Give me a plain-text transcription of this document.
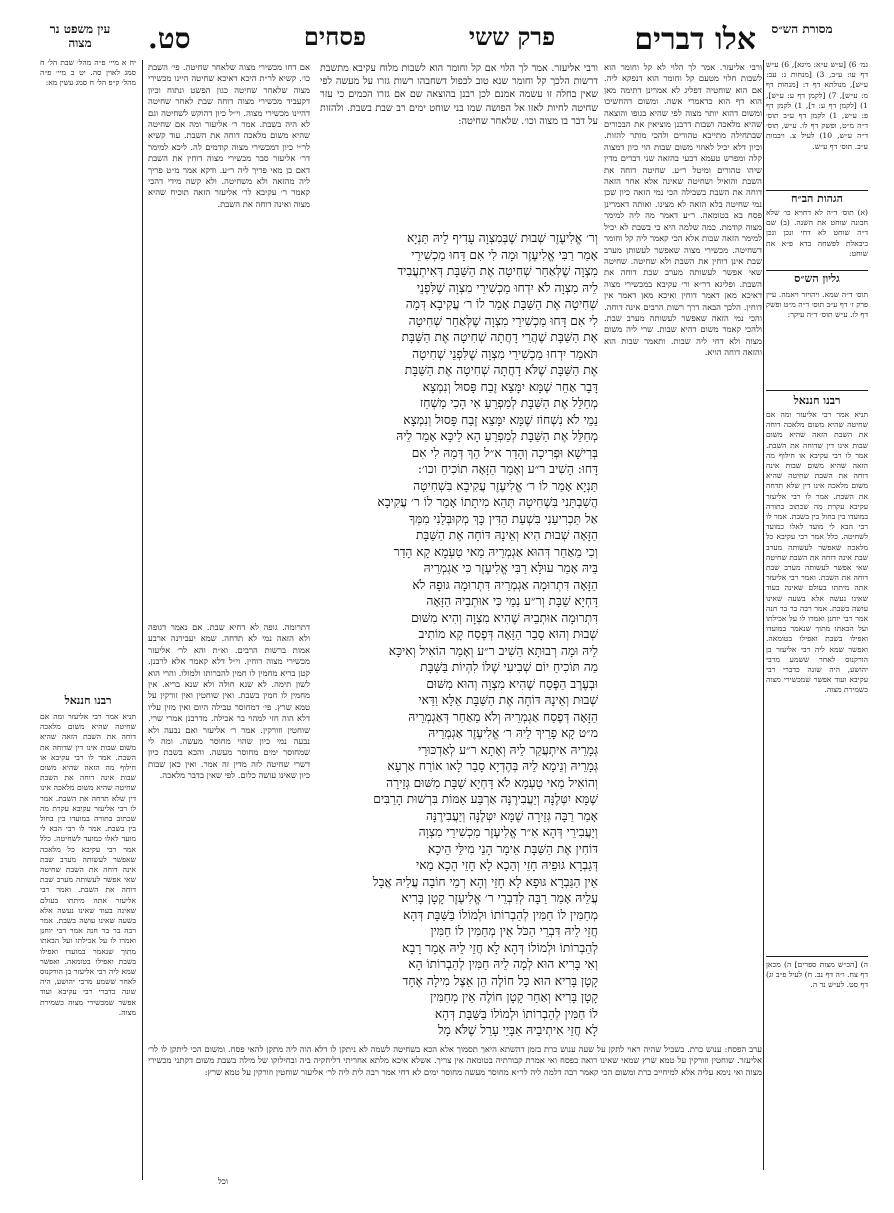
מסורת הש״ס
אלו דברים
פרק ששי
פסחים
סט.
עין משפט נר מצוה
גמ׳ 6) [ע״ש ע״א: מיגא], 6) ע״ש דף עו: ע״ב, 3) [מנחות נ: עב: ע״ש], מנולתא דף ד: [מנחות דף מ: ע״ש], 7) [לקמן דף ע: ע״ש], 1) [לקמן דף ע: ד], 1) לקמן דף פ: ע״ש, 1) לקמן דף ע״ב תוס׳ ד״ה מ״ט, ופשק דף לו. ע״ש, תוס׳ ד״ה ע״ש, 10) לעיל צ. ויבמות ע״ב. תוס׳ דף ע״ש.
הגהות הב״ח
(א) תוס׳ ד״ה לא דחויא כו׳ שלא חבונה שוחט את השנה. (ב) שם ד״ה שוחט לא דחי ונכן ונכן ביבאלת לפשחה בדא פ״א את שוחט:
גליון הש״ס
תוס׳ ד״ה שמא. ויהויזר ויאמה. עיין פרק ז׳ דף ע״ב תוס׳ ד״ה מ״ט ופשק דף לו. ע״ש תוס׳ ד״ה עיקר:
רבנו חננאל
תניא אמר רבי אליעזר ומה אם שחיטה שהיא משום מלאכה דוחה את השבת הזאה שהיא משום שבות אינו דין שדוחה את השבת. אמר לו רבי עקיבא או חילוף מה הזאה שהיא משום שבות אינה דוחה את השבת שחיטה שהיא משום מלאכה אינו דין שלא תדחה את השבת. אמר לו רבי אליעזר עקיבא עקרת מה שכתוב בתורה במועדו בין בחול בין בשבת. אמר לו רבי הבא לי מועד לאלו כמועד לשחיטה. כלל אמר רבי עקיבא כל מלאכה שאפשר לעשותה מערב שבת אינה דוחה את השבת שחיטה שאי אפשר לעשותה מערב שבת דוחה את השבת. ואמר רבי אליעזר אתה מיתתו בעולם שאינה בעוד שאינו נעשה אלא בשעה שאינו עושה בשבת. אמר רבה בר בר חנה אמר רבי יוחנן ואמרו לו על אכילתו ועל הבאתו מתוך שנאמר במועדו ואפילו בשבת ואפילו בטומאה. ואפשר שמא ליה רבי אליעזר בן הורקנוס לאחר ששמע מרבי יהושע, היה שונה כדברי רבי עקיבא ועוד אפשר שמכשירי מצוה כשמירת מצוה.
ה) [הכ״ש מצות ספרים] ה) מכאן דף צח. ו״ה דף נב. ח) לעיל פ״ב וג) דף סט. לע״ש נד ה.
יח א מיי׳ פ״ה מהל׳ שבת הל׳ ח סמג לאוין סה. יט ב מיי׳ פ״ה מהל׳ ק״פ הל׳ ח סמג עשין מא:
רבנו חננאל
תניא אמר רבי אליעזר ומה אם שחיטה שהיא משום מלאכה דוחה את השבת הזאה שהיא משום שבות אינו דין שדוחה את השבת. אמר לו רבי עקיבא או חילוף מה הזאה שהיא משום שבות אינה דוחה את השבת שחיטה שהיא משום מלאכה אינו דין שלא תדחה את השבת. אמר לו רבי אליעזר עקיבא עקרת מה שכתוב בתורה במועדו בין בחול בין בשבת. אמר לו רבי הבא לי מועד לאלו כמועד לשחיטה. כלל אמר רבי עקיבא כל מלאכה שאפשר לעשותה מערב שבת אינה דוחה את השבת שחיטה שאי אפשר לעשותה מערב שבת דוחה את השבת. ואמר רבי אליעזר אתה מיתתו בעולם שאינה בעוד שאינו נעשה אלא בשעה שאינו עושה בשבת. אמר רבה בר בר חנה אמר רבי יוחנן ואמרו לו על אכילתו ועל הבאתו מתוך שנאמר במועדו ואפילו בשבת ואפילו בטומאה. ואפשר שמא ליה רבי אליעזר בן הורקנוס לאחר ששמע מרבי יהושע, היה שונה כדברי רבי עקיבא ועוד אפשר שמכשירי מצוה כשמירת מצוה.
ורבי אליעזר. אמר לך הלוי לא קל וחומר הוא לשבות חלוי מטעם קל וחומר הוא דנפקא ליה. אם הוא שוחטיה דפליג לא אמרינן דתימה מאן הוא דף הוא כדאמרי אשה. ומשום דהחשיכו ומשום דהוא יותר מצוה לפי שהיא בגופו והוצאה שהיא מלאכה ושבות דרבנן מוציאין את הבכורים שבתחילה מתייבא טהורים ולהכי מותר להזות. וכיון דלא יכיל לאוזוי משום שבות הוי כיון דמצוה קלה ומפרש טעמא דבעי בהזאה שני דברים מדין שיהו טהורים ומיטל ר״ע. שחיטה דוחה את השבת והואיל ושחיטה שאינה אלא אחר הזאה דוחה את השבת בשבילה הכי נמי הזאה כיון שכן נמי שחיטה בלא הזאה לא מצינו. ואותה דאמרינן פסח בא בטומאה. ר״ע דאמר מה ליה למימר מצוה קודמת. כמה שלמה היא כי בשבת לא יכיל למימר הזאה שבות אלא הכי קאמר ליה קל וחומר דשחיטה. מכשירי מצוה שאפשר לעשותן מערב שבת אינן דוחין את השבת ולא שחיטה. שחיטה שאי אפשר לעשותה מערב שבת דוחה את השבת. ופליגא דר״א ור׳ עקיבא במכשירי מצוה דאיכא מאן דאמר דוחין ואיכא מאן דאמר אין דוחין. הלכך הבאה דרך רשות הרבים אינה דוחה. והכי נמי הזאה שאפשר לעשותה מערב שבת. ולהכי קאמר משום דהיא שבות. שרי ליה משום מצוה ולא דחי ליה שבות. ותאמר שבות הוא והזאה דוחה הויא.
אם דחו מכשירי מצוה שלאחר שחיטה. פי׳ השבת כו׳. קשיא לר״ת היכא דאיכא שחיטה היינו מכשירי מצוה שלאחר שחיטה כגון הפשט ונתוח וכיון דקעביד מכשירי מצוה דוחה שבת לאחר שחיטה דהיינו מכשירי מצוה. וי״ל כיון דהוקש לשחיטה וגם לא היה בשבת. אמר ר׳ אליעזר ומה אם שחיטה שהיא משום מלאכה דוחה את השבת. עוד קשיא לר״י כיון דמכשירי מצוה קודמים לה. ליכא למימר דר׳ אליעזר סבר מכשירי מצוה דוחין את השבת דאם כן מאי פריך ליה ר״ע. ודקא אמר מ״ט פריך ליה מהזאה ולא משחיטה. ולא קשה מידי דהכי קאמר ר׳ עקיבא לר׳ אליעזר הזאה תוכיח שהיא מצוה ואינה דוחה את השבת.
דתרומה. גופה לא דחיא שבת. אם נאמר דגופה ולא הזאה נמי לא תדחה. שמא יעבירנה ארבע אמות ברשות הרבים. וא״ת והא לר׳ אליעזר מכשירי מצוה דוחין. וי״ל דלא קאמר אלא לרבנן. קטן בריא מחמין לו חמין להברותו ולמולו. והרי הוא לשון תימה. לא שנא חולה ולא שנא בריא. אין מחמין לו חמין בשבת. ואין שוחטין ואין זורקין על טמא שרץ. פי׳ דמחוסר טבילה היום ואין מזין עליו דלא הוה חזי למהוי בר אכילה. מדרבנן אמרי שרי. שוחטין וזורקין. אמר ר׳ אליעזר ואם נבעה ולא נבעה נמי כיון שהוי מחוסר מעשה. ומה לי שמחוסר ימים מחוסר מעשה. והכא בשבת כיון דשרי שחיטה לזה מדין זה אמר. ואין כאן שבות כיון שאינו עושה כלום. לפי שאין בדבר מלאכה.
ורבי אליעזר. אמר לך הלוי אם קל וחומר הוא לשבות מלוח עקיבא מתשבת דרשות הלכך קל וחומר שנא טוב לכפול דשחבהו רשות גזרו על מעשה לפי שאין בחלה זו עשמה אמנם לכן רבנן בהוצאה שם אם גזרו הכמים כי עזר שחיטה לחיות לאזו אל הפושה שמו בני שוחט ימים רב שבת בשבת. ולהזות על דבר בו מצוה וכו׳. שלאחר שחיטה:
וְר׳ אֱלִיעֶזֶר שְׁבוּת שֶׁבְּמִצְוָה עָדִיף לֵיהּ תַּנְיָא
אָמַר רַבִּי אֱלִיעֶזֶר וּמָה לִי אִם דָּחוּ מַכְשִׁירֵי
מִצְוָה שֶׁלְּאַחַר שְׁחִיטָה אֶת הַשַּׁבָּת דְּאִיתְעֲבִיד
לֵיהּ מִצְוָה לֹא יִדְחוּ מַכְשִׁירֵי מִצְוָה שֶׁלִּפְנֵי
שְׁחִיטָה אֶת הַשַּׁבָּת אָמַר לוֹ ר׳ עֲקִיבָא דְּמָה
לִי אִם דָּחוּ מַכְשִׁירֵי מִצְוָה שֶׁלְּאַחַר שְׁחִיטָה
אֶת הַשַּׁבָּת שֶׁהֲרֵי דָחֲתָה שְׁחִיטָה אֶת הַשַּׁבָּת
תֹּאמַר יִדְחוּ מַכְשִׁירֵי מִצְוָה שֶׁלִּפְנֵי שְׁחִיטָה
אֶת הַשַּׁבָּת שֶׁלֹּא דָחֲתָה שְׁחִיטָה אֶת הַשַּׁבָּת
דָּבָר אַחֵר שֶׁמָּא יִמָּצֵא זֶבַח פָּסוּל וְנִמְצָא
מְחַלֵּל אֶת הַשַּׁבָּת לְמַפְרֵעַ אִי הָכִי מַשְׁחַז
נַמֵי לֹא נִשְׁחוֹז שֶׁמָּא יִמָּצֵא זֶבַח פָּסוּל וְנִמְצָא
מְחַלֵּל אֶת הַשַּׁבָּת לְמַפְרֵעַ הָא לֵיכָּא אָמַר לֵיהּ
בְּרִישָׁא וּפְרִיכָה וְהָדַר א״ל הַךְ דְּמֵהּ לִי אִם
דָּחוּ: הָשִׁיב ר״ע וְאָמַר הַזָּאָה תוֹכִיחַ וכו׳:
תַּנְיָא אָמַר לוֹ ר׳ אֱלִיעֶזֶר עֲקִיבָא בִּשְׁחִיטָה
הֲשַׁבְתַּנִי בִּשְׁחִיטָה תְּהֵא מִיתָתוֹ אָמַר לוֹ ר׳ עֲקִיבָא
אַל תַּכְרִיעֵנִי בִּשְׁעַת הַדִּין כָּךְ מְקוּבְּלַנִי מִמְּךָ
הַזָּאָה שְׁבוּת הִיא וְאֵינָהּ דּוֹחָה אֶת הַשַּׁבָּת
וְכִי מֵאַחַר דְּהוּא אַגְמְרֵיהּ מַאי טַעְמָא קָא הָדַר
בֵּיהּ אָמַר עוּלָּא רַבִּי אֱלִיעֶזֶר כִּי אַגְמְרֵיהּ
הַזָּאָה דִּתְרוּמָה אַגְמְרֵיהּ דִּתְרוּמָה גּוּפָהּ לֹא
דָּחְיָא שַׁבָּת וְר״ע נַמֵי כִּי אוּתְבֵיהּ הַזָּאָה
דִּתְרוּמָה אוּתְבֵיהּ שֶׁהִיא מִצְוָה וְהִיא מִשּׁוּם
שְׁבוּת וְהוּא סָבַר הַזָּאָה דְּפֶסַח קָא מוֹתִיב
לֵיהּ וּמָה רְבוּתָא הֵשִׁיב ר״ע וְאָמַר הוֹאִיל וְאִיכָּא
מַה תּוֹכִיחַ יוֹם שְׁבִיעִי שֶׁלּוֹ לִהְיוֹת בַּשַּׁבָּת
וּבְעֶרֶב הַפֶּסַח שֶׁהִיא מִצְוָה וְהוּא מִשּׁוּם
שְׁבוּת וְאֵינָהּ דּוֹחָה אֶת הַשַּׁבָּת אֵלָּא וַדַּאי
הַזָּאָה דְּפֶסַח אַגְמְרֵיהּ וְלֹא מֵאַחַר דְּאַגְמְרֵיהּ
מ״ט קָא פָרֵיךְ לֵיהּ ר׳ אֱלִיעֶזֶר אַגְמְרֵיהּ
גְּמָרֵיהּ אִיתְעֲקַר לֵיהּ וְאָתָא ר״ע לְאַדְכּוּרֵי
גְּמָרֵיהּ וְנֵימָא לֵיהּ בְּהֶדְיָא סָבַר לָאו אוֹרַח אַרְעָא
וְהוֹאִיל מַאי טַעְמָא לֹא דָּחְיָא שַׁבָּת מִשּׁוּם גְּזֵירָה
שֶׁמָּא יִטְּלֶנָּה וְיַעֲבִירֶנָּה אַרְבַּע אַמּוֹת בִּרְשׁוּת הָרַבִּים
אָמַר רַבָּה גְּזֵירָה שֶׁמָּא יִטְּלֶנָּה וְיַעֲבִירֶנָּה
וְיַעֲבִירֵי דְּהָא אִ״ר אֱלִיעֶזֶר מַכְשִׁירֵי מִצְוָה
דּוֹחִין אֶת הַשַּׁבָּת אֵימָר הָנֵי מִילֵּי הֵיכָא
דְּגַבְרָא גּוּפֵיהּ חָזֵי וְהֵכָא לָא חָזֵי הָכָא מַאי
אֵין הַגַּבְרָא גּוּפָא לָא חָזֵי וְהָא רְמֵי חוֹבָה עֲלֵיהּ אֲבָל
עֲלֵיהּ אָמַר רַבָּה לְדִבְרֵי ר׳ אֱלִיעֶזֶר קָטָן בָּרִיא
מְחַמִּין לוֹ חַמִּין לְהַבְרוֹתוֹ וּלְמוֹלוֹ בַּשַּׁבָּת דְּהָא
חֲזֵי לֵיהּ דִּבְרֵי הַכֹּל אֵין מְחַמִּין לוֹ חַמִּין
לְהַבְרוֹתוֹ וּלְמוֹלוֹ דְּהָא לָא חֲזֵי לֵיהּ אָמַר רָבָא
וְאִי בָּרִיא הוּא לְמָה לֵיהּ חַמִּין לְהַבְרוֹתוֹ הָא
קָטָן בָּרִיא הוּא כָּל חוֹלֶה הֵן אֵצֶל מִילָה אֶחָד
קָטָן בָּרִיא וְאַחַר קָטָן חוֹלֶה אֵין מְחַמִּין
לוֹ חַמִּין לְהַבְרוֹתוֹ וּלְמוֹלוֹ בַּשַּׁבָּת דְּהָא
לָא חֲזֵי אִיתְיבֵיהּ אַבָּיֵי עָרֵל שֶׁלֹּא מָל
ערב הפסח: ענוש כרת. בשביל שהיה ראוי לתקן על שעה ענוש כרת בזמן דהשתא היאך תסמוך אלא הכא בשחיטה לשמה לא ניתקן לו דלא הוה ליה מתקן להאי פסח. ומשום הכי ליתקן לו לר׳ אליעזר. שוחטין וזורקין על טמא שרץ שמאי שאינו רואה בפסח ואי אמרת קבורתיה בטומאה אין צריך. אשלא איכא מלתא אחריתי דליחקיה ביה ובחילוקו של מילה בשבת משום דקתני מכשירי מצוה ואי נימא עליה אלא למיחייב כרת ומשום הכי קאמר רבה דלמה ליה לר״א מחוסר מעשה מחוסר ימים לא דחי אמר רבה לית ליה לר׳ אליעזר שוחטין וזורקין על טמא שרץ:
וכל
